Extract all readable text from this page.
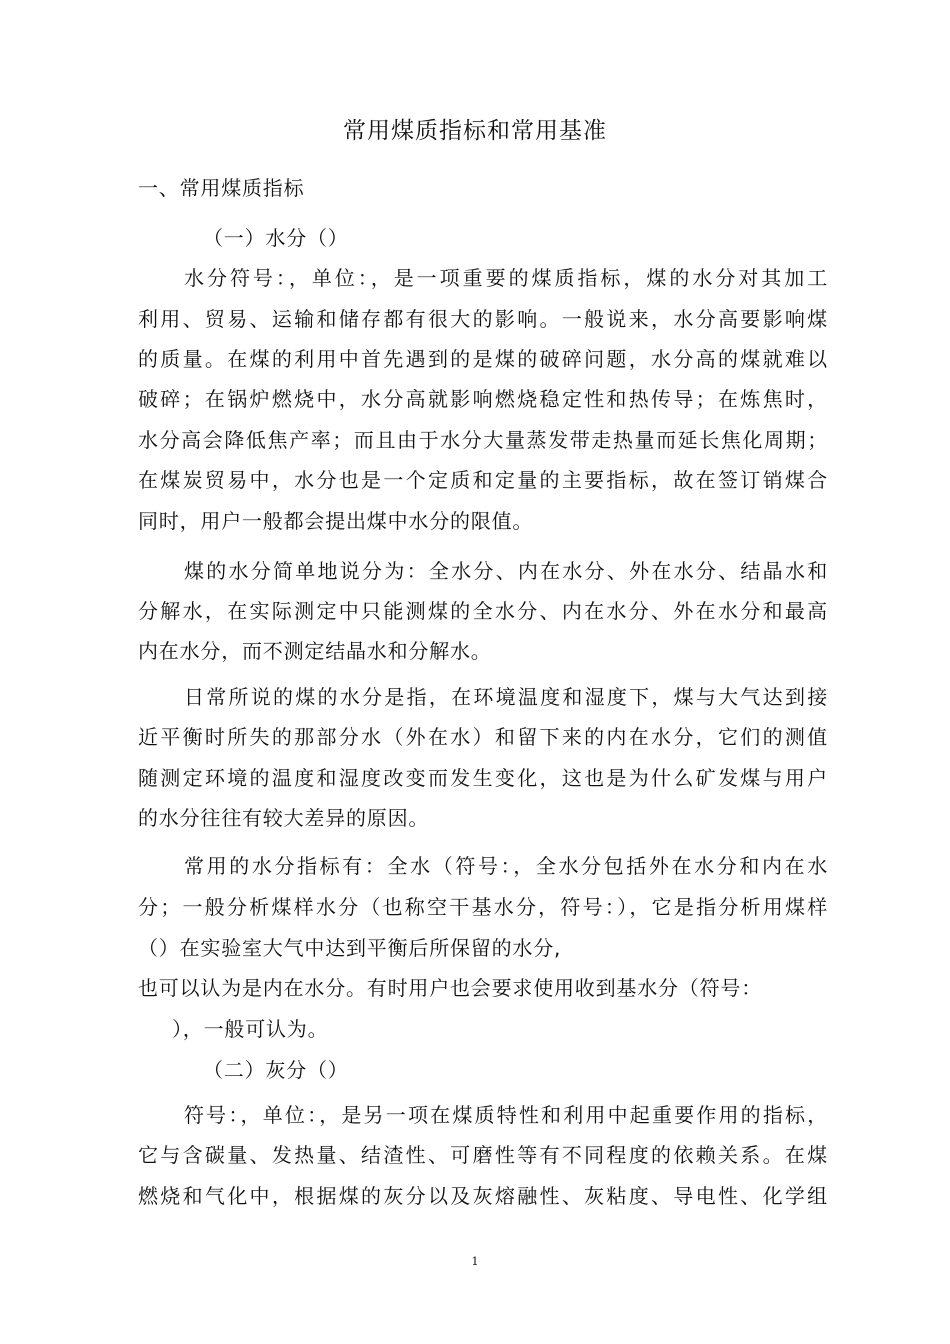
常用煤质指标和常用基准
一、常用煤质指标
（一）水分（）
水分符号：，单位：，是一项重要的煤质指标，煤的水分对其加工
利用、贸易、运输和储存都有很大的影响。一般说来，水分高要影响煤
的质量。在煤的利用中首先遇到的是煤的破碎问题，水分高的煤就难以
破碎；在锅炉燃烧中，水分高就影响燃烧稳定性和热传导；在炼焦时，
水分高会降低焦产率；而且由于水分大量蒸发带走热量而延长焦化周期；
在煤炭贸易中，水分也是一个定质和定量的主要指标，故在签订销煤合
同时，用户一般都会提出煤中水分的限值。
煤的水分简单地说分为：全水分、内在水分、外在水分、结晶水和
分解水，在实际测定中只能测煤的全水分、内在水分、外在水分和最高
内在水分，而不测定结晶水和分解水。
日常所说的煤的水分是指，在环境温度和湿度下，煤与大气达到接
近平衡时所失的那部分水（外在水）和留下来的内在水分，它们的测值
随测定环境的温度和湿度改变而发生变化，这也是为什么矿发煤与用户
的水分往往有较大差异的原因。
常用的水分指标有：全水（符号：，全水分包括外在水分和内在水
分；一般分析煤样水分（也称空干基水分，符号：），它是指分析用煤样
（）在实验室大气中达到平衡后所保留的水分,
也可以认为是内在水分。有时用户也会要求使用收到基水分（符号：
），一般可认为。
（二）灰分（）
符号：，单位：，是另一项在煤质特性和利用中起重要作用的指标，
它与含碳量、发热量、结渣性、可磨性等有不同程度的依赖关系。在煤
燃烧和气化中，根据煤的灰分以及灰熔融性、灰粘度、导电性、化学组
1
